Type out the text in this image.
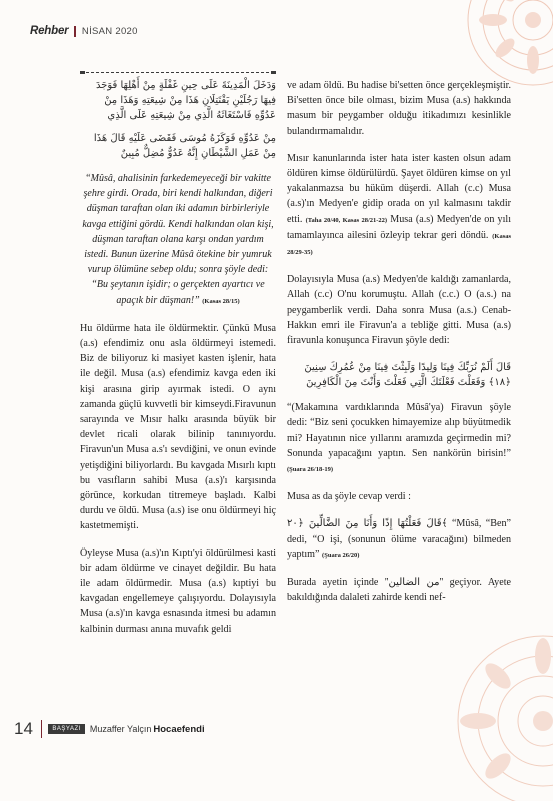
Rehber NİSAN 2020

وَدَخَلَ الْمَدِينَةَ عَلَى حِينِ غَفْلَةٍ مِنْ أَهْلِهَا فَوَجَدَ فِيهَا رَجُلَيْنِ يَقْتَتِلَانِ هَذَا مِنْ شِيعَتِهِ وَهَذَا مِنْ عَدُوِّهِ فَاسْتَغَاثَهُ الَّذِي مِنْ شِيعَتِهِ عَلَى الَّذِي

مِنْ عَدُوِّهِ فَوَكَزَهُ مُوسَى فَقَضَى عَلَيْهِ قَالَ هَذَا مِنْ عَمَلِ الشَّيْطَانِ إِنَّهُ عَدُوٌّ مُضِلٌّ مُبِينٌ

“Mûsâ, ahalisinin farkedemeyeceği bir vakitte şehre girdi. Orada, biri kendi halkından, diğeri düşman taraftan olan iki adamın birbirleriyle kavga ettiğini gördü. Kendi halkından olan kişi, düşman taraftan olana karşı ondan yardım istedi. Bunun üzerine Mûsâ ötekine bir yumruk vurup ölümüne sebep oldu; sonra şöyle dedi: “Bu şeytanın işidir; o gerçekten ayartıcı ve apaçık bir düşman!” (Kasas 28/15)

Hu öldürme hata ile öldürmektir. Çünkü Musa (a.s) efendimiz onu asla öldürmeyi istemedi. Biz de biliyoruz ki masiyet kasten işlenir, hata ile değil. Musa (a.s) efendimiz kavga eden iki kişi arasına girip ayırmak istedi. O aynı zamanda güçlü kuvvetli bir kimseydi.Firavunun sarayında ve Mısır halkı arasında büyük bir devlet ricali olarak bilinip tanınıyordu. Firavun'un Musa a.s'ı sevdiğini, ve onun evinde yetişdiğini biliyorlardı. Bu kavgada Mısırlı kıptı bu vasıfların sahibi Musa (a.s)'ı karşısında görünce, korkudan titremeye başladı. Kalbi durdu ve öldü. Musa (a.s) ise onu öldürmeyi hiç kastetmemişti.

Öyleyse Musa (a.s)'ın Kıptı'yi öldürülmesi kasti bir adam öldürme ve cinayet değildir. Bu hata ile adam öldürmedir. Musa (a.s) kıptiyi bu kavgadan engellemeye çalışıyordu. Dolayısıyla Musa (a.s)'ın kavga esnasında itmesi bu adamın kalbinin durması anına muvafık geldi

ve adam öldü. Bu hadise bi'setten önce gerçekleşmiştir. Bi'setten önce bile olması, bizim Musa (a.s) hakkında masum bir peygamber olduğu itikadımızı kesinlikle bulandırmamalıdır.

Mısır kanunlarında ister hata ister kasten olsun adam öldüren kimse öldürülürdü. Şayet öldüren kimse on yıl yakalanmazsa bu hüküm düşerdi. Allah (c.c) Musa (a.s)'ın Medyen'e gidip orada on yıl kalmasını takdir etti. (Taha 20/40, Kasas 28/21-22) Musa (a.s) Medyen'de on yılı tamamlayınca ailesini özleyip tekrar geri döndü. (Kasas 28/29-35)

Dolayısıyla Musa (a.s) Medyen'de kaldığı zamanlarda, Allah (c.c) O'nu korumuştu. Allah (c.c.) O (a.s.) na peygamberlik verdi. Daha sonra Musa (a.s.) Cenab- Hakkın emri ile Firavun'a a tebliğe gitti. Musa (a.s) firavunla konuşunca Firavun şöyle dedi:

قَالَ أَلَمْ نُرَبِّكَ فِينَا وَلِيدًا وَلَبِثْتَ فِينَا مِنْ عُمُرِكَ سِنِينَ ﴿١٨﴾ وَفَعَلْتَ فَعْلَتَكَ الَّتِي فَعَلْتَ وَأَنْتَ مِنَ الْكَافِرِينَ

“(Makamına vardıklarında Mûsâ'ya) Firavun şöyle dedi: “Biz seni çocukken himayemize alıp büyütmedik mi? Hayatının nice yıllarını aramızda geçirmedin mi? Sonunda yapacağını yaptın. Sen nankörün birisin!” (Şuara 26/18-19)

Musa as da şöyle cevap verdi :

قَالَ فَعَلْتُهَا إِذًا وَأَنَا مِنَ الضَّالِّينَ ﴿٢٠﴾ “Mûsâ, “Ben” dedi, “O işi, (sonunun ölüme varacağını) bilmeden yaptım” (Şuara 26/20)

Burada ayetin içinde ''من الضالين'' geçiyor. Ayete bakıldığında dalaleti zahirde kendi nef-

14	BAŞYAZI	Muzaffer Yalçın Hocaefendi
